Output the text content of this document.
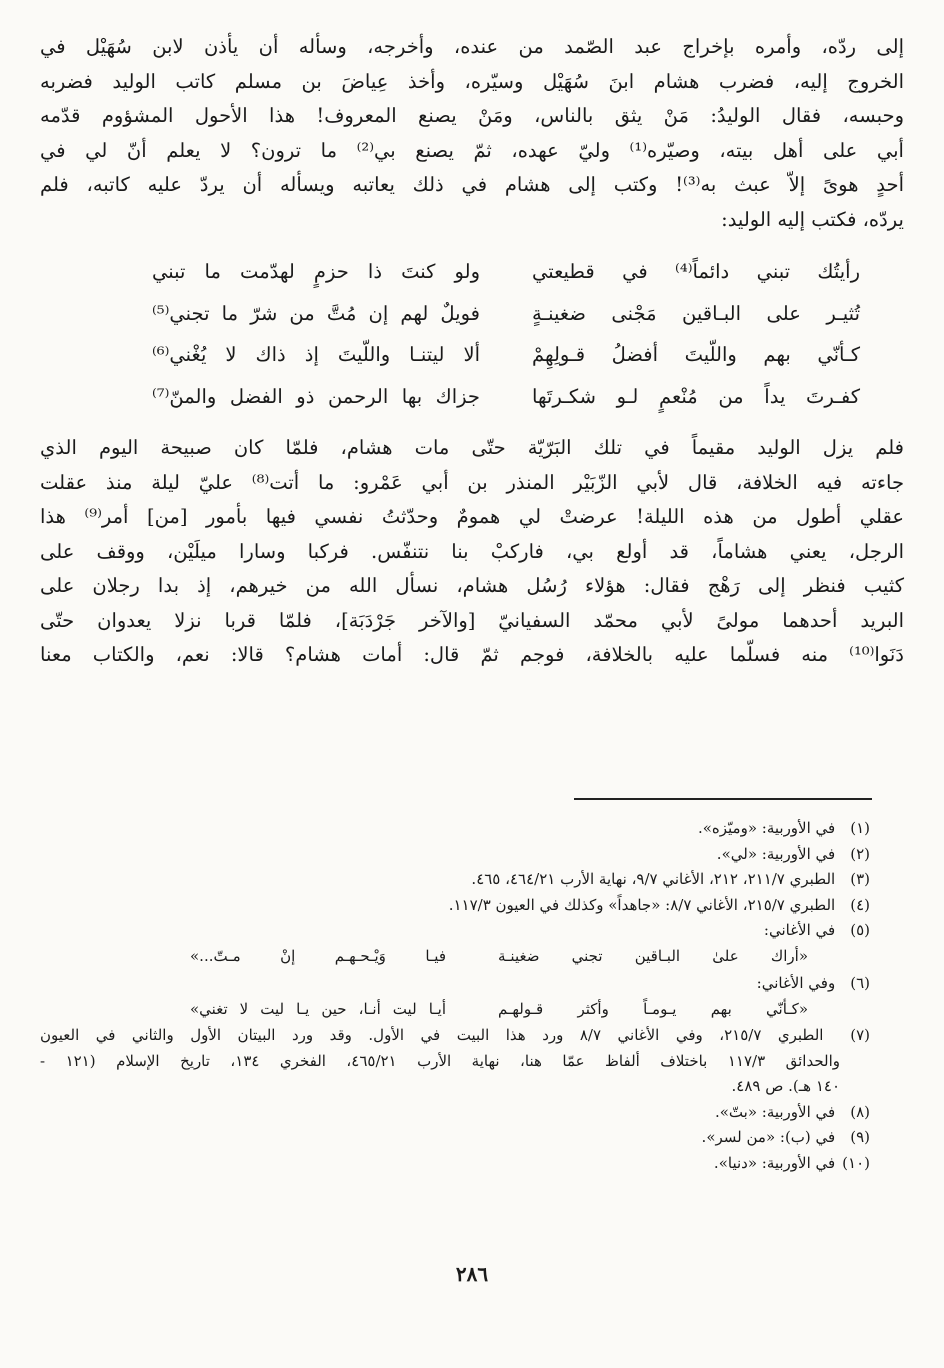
إلى ردّه، وأمره بإخراج عبد الصّمد من عنده، وأخرجه، وسأله أن يأذن لابن سُهَيْل في

الخروج إليه، فضرب هشام ابنَ سُهَيْل وسيّره، وأخذ عِياضَ بن مسلم كاتب الوليد فضربه

وحبسه، فقال الوليدُ: مَنْ يثق بالناس، ومَنْ يصنع المعروف! هذا الأحول المشؤوم قدّمه

أبي على أهل بيته، وصيّره⁽¹⁾ وليّ عهده، ثمّ يصنع بي⁽²⁾ ما ترون؟ لا يعلم أنّ لي في

أحدٍ هوىً إلاّ عبث به⁽³⁾! وكتب إلى هشام في ذلك يعاتبه ويسأله أن يردّ عليه كاتبه، فلم

يردّه، فكتب إليه الوليد:

رأيتُك تبني دائماً⁽⁴⁾ في قطيعتي
ولو كنتَ ذا حزمٍ لهدّمت ما تبني
تُثيـر على البـاقين مَجْنى ضغينـةٍ
فويلٌ لهم إن مُتَّ من شرّ ما تجني⁽⁵⁾
كـأنّي بهم واللّيتَ أفضلُ قـولِهِمْ
ألا ليتنـا واللّيتَ إذ ذاك لا يُغْني⁽⁶⁾
كفـرتَ يداً من مُنْعمٍ لـو شكـرتَها
جزاك بها الرحمن ذو الفضل والمنّ⁽⁷⁾

فلم يزل الوليد مقيماً في تلك البَرّيّة حتّى مات هشام، فلمّا كان صبيحة اليوم الذي

جاءته فيه الخلافة، قال لأبي الزّبَيْر المنذر بن أبي عَمْرو: ما أتت⁽⁸⁾ عليّ ليلة منذ عقلت

عقلي أطول من هذه الليلة! عرضتْ لي همومٌ وحدّثتُ نفسي فيها بأمور [من] أمر⁽⁹⁾ هذا

الرجل، يعني هشاماً، قد أولع بي، فاركبْ بنا نتنفّس. فركبا وسارا ميلَيْن، ووقف على

كثيب فنظر إلى رَهْج فقال: هؤلاء رُسُل هشام، نسأل الله من خيرهم، إذ بدا رجلان على

البريد أحدهما مولىً لأبي محمّد السفيانيّ [والآخر جَرْدَبَة]، فلمّا قربا نزلا يعدوان حتّى

دَنَوا⁽¹⁰⁾ منه فسلّما عليه بالخلافة، فوجم ثمّ قال: أمات هشام؟ قالا: نعم، والكتاب معنا

(١) في الأوربية: «وميّزه».

(٢) في الأوربية: «لي».

(٣) الطبري ٢١١/٧، ٢١٢، الأغاني ٩/٧، نهاية الأرب ٤٦٤/٢١، ٤٦٥.

(٤) الطبري ٢١٥/٧، الأغاني ٨/٧: «جاهداً» وكذلك في العيون ١١٧/٣.

(٥) في الأغاني:

«أراك علىٰ البـاقين تجني ضغينـة
فيـا وَيْـحـهـم إنْ مـتّ...»

(٦) وفي الأغاني:

«كـأنّي بهم يـومـاً وأكثر قـولهـم
أيـا ليت أنـا، حين يـا ليت لا تغني»

(٧) الطبري ٢١٥/٧، وفي الأغاني ٨/٧ ورد هذا البيت في الأول. وقد ورد البيتان الأول والثاني في العيون

والحدائق ١١٧/٣ باختلاف ألفاظ عمّا هنا، نهاية الأرب ٤٦٥/٢١، الفخري ١٣٤، تاريخ الإسلام (١٢١ -

١٤٠ هـ). ص ٤٨٩.

(٨) في الأوربية: «بتّ».

(٩) في (ب): «من لسر».

(١٠) في الأوربية: «دنيا».

٢٨٦
